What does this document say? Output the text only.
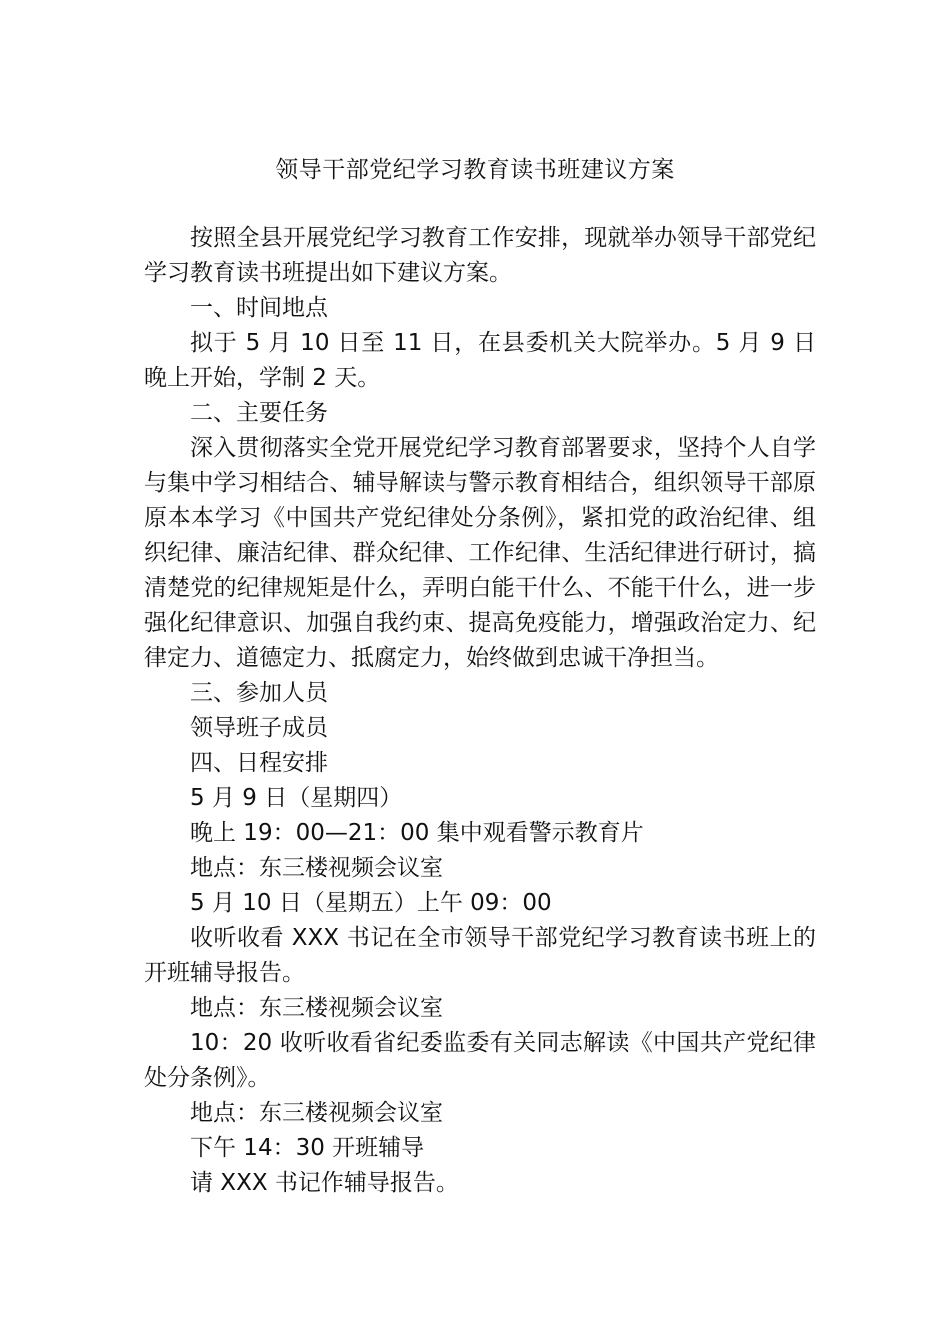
领导干部党纪学习教育读书班建议方案

按照全县开展党纪学习教育工作安排，现就举办领导干部党纪学习教育读书班提出如下建议方案。

一、时间地点

拟于 5 月 10 日至 11 日，在县委机关大院举办。5 月 9 日晚上开始，学制 2 天。

二、主要任务

深入贯彻落实全党开展党纪学习教育部署要求，坚持个人自学与集中学习相结合、辅导解读与警示教育相结合，组织领导干部原原本本学习《中国共产党纪律处分条例》，紧扣党的政治纪律、组织纪律、廉洁纪律、群众纪律、工作纪律、生活纪律进行研讨，搞清楚党的纪律规矩是什么，弄明白能干什么、不能干什么，进一步强化纪律意识、加强自我约束、提高免疫能力，增强政治定力、纪律定力、道德定力、抵腐定力，始终做到忠诚干净担当。

三、参加人员

领导班子成员

四、日程安排

5 月 9 日（星期四）

晚上 19：00—21：00 集中观看警示教育片

地点：东三楼视频会议室

5 月 10 日（星期五）上午 09：00

收听收看 XXX 书记在全市领导干部党纪学习教育读书班上的开班辅导报告。

地点：东三楼视频会议室

10：20 收听收看省纪委监委有关同志解读《中国共产党纪律处分条例》。

地点：东三楼视频会议室

下午 14：30 开班辅导

请 XXX 书记作辅导报告。
